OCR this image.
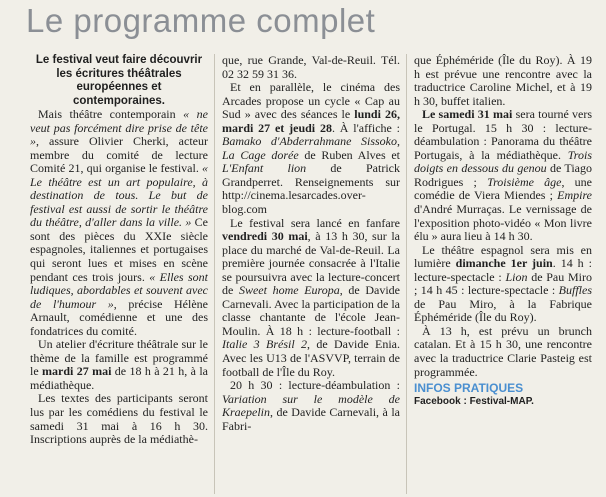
Le programme complet

Le festival veut faire découvrir les écritures théâtrales européennes et contemporaines.

Mais théâtre contemporain « ne veut pas forcément dire prise de tête », assure Olivier Cherki, acteur membre du comité de lecture Comité 21, qui organise le festival. « Le théâtre est un art populaire, à destination de tous. Le but de festival est aussi de sortir le théâtre du théâtre, d'aller dans la ville. » Ce sont des pièces du XXIe siècle espagnoles, italiennes et portugaises qui seront lues et mises en scène pendant ces trois jours. « Elles sont ludiques, abordables et souvent avec de l'humour », précise Hélène Arnault, comédienne et une des fondatrices du comité.

Un atelier d'écriture théâtrale sur le thème de la famille est programmé le mardi 27 mai de 18 h à 21 h, à la médiathèque.

Les textes des participants seront lus par les comédiens du festival le samedi 31 mai à 16 h 30. Inscriptions auprès de la médiathè-

que, rue Grande, Val-de-Reuil. Tél. 02 32 59 31 36.

Et en parallèle, le cinéma des Arcades propose un cycle « Cap au Sud » avec des séances le lundi 26, mardi 27 et jeudi 28. À l'affiche : Bamako d'Abderrahmane Sissoko, La Cage dorée de Ruben Alves et L'Enfant lion de Patrick Grandperret. Renseignements sur http://cinema.lesarcades.over-blog.com

Le festival sera lancé en fanfare vendredi 30 mai, à 13 h 30, sur la place du marché de Val-de-Reuil. La première journée consacrée à l'Italie se poursuivra avec la lecture-concert de Sweet home Europa, de Davide Carnevali. Avec la participation de la classe chantante de l'école Jean-Moulin. À 18 h : lecture-football : Italie 3 Brésil 2, de Davide Enia. Avec les U13 de l'ASVVP, terrain de football de l'Île du Roy.

20 h 30 : lecture-déambulation : Variation sur le modèle de Kraepelin, de Davide Carnevali, à la Fabri-

que Éphéméride (Île du Roy). À 19 h est prévue une rencontre avec la traductrice Caroline Michel, et à 19 h 30, buffet italien.

Le samedi 31 mai sera tourné vers le Portugal. 15 h 30 : lecture-déambulation : Panorama du théâtre Portugais, à la médiathèque. Trois doigts en dessous du genou de Tiago Rodrigues ; Troisième âge, une comédie de Viera Miendes ; Empire d'André Murraças. Le vernissage de l'exposition photo-vidéo « Mon livre élu » aura lieu à 14 h 30.

Le théâtre espagnol sera mis en lumière dimanche 1er juin. 14 h : lecture-spectacle : Lion de Pau Miro ; 14 h 45 : lecture-spectacle : Buffles de Pau Miro, à la Fabrique Éphéméride (Île du Roy).

À 13 h, est prévu un brunch catalan. Et à 15 h 30, une rencontre avec la traductrice Clarie Pasteig est programmée.

INFOS PRATIQUES

Facebook : Festival-MAP.
